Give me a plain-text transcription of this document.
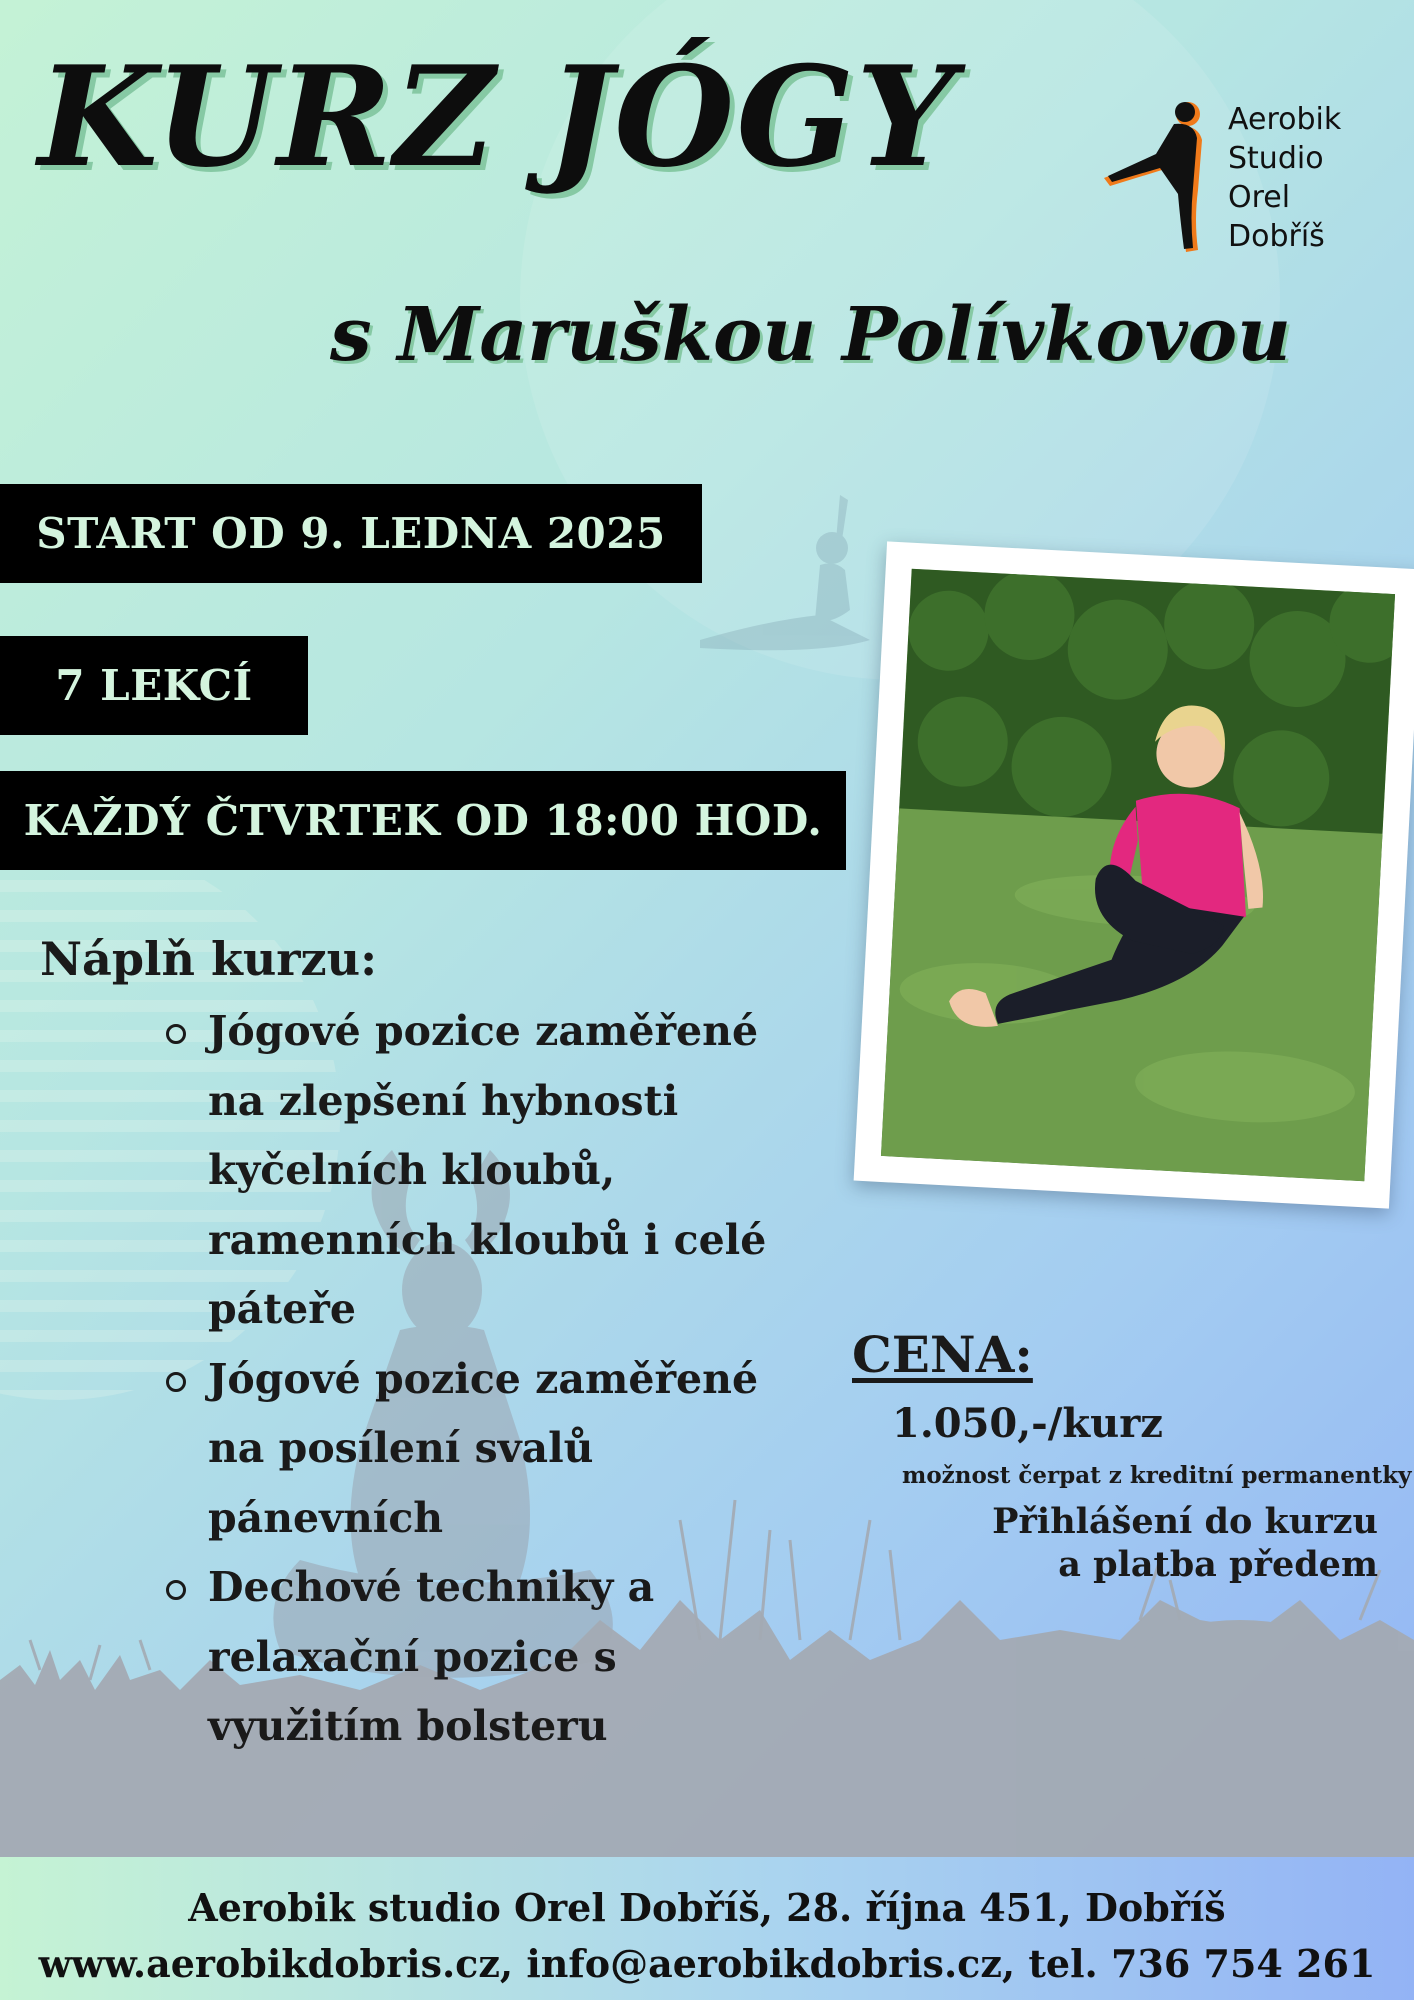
KURZ JÓGY
s Maruškou Polívkovou
Aerobik
Studio
Orel
Dobříš
START OD 9. LEDNA 2025
7 LEKCÍ
KAŽDÝ ČTVRTEK OD 18:00 HOD.
Náplň kurzu:
Jógové pozice zaměřené na zlepšení hybnosti kyčelních kloubů, ramenních kloubů i celé páteře
Jógové pozice zaměřené na posílení svalů pánevních
Dechové techniky a relaxační pozice s využitím bolsteru
CENA:
1.050,-/kurz
možnost čerpat z kreditní permanentky
Přihlášení do kurzu
a platba předem
Aerobik studio Orel Dobříš, 28. října 451, Dobříš
www.aerobikdobris.cz, info@aerobikdobris.cz, tel. 736 754 261
